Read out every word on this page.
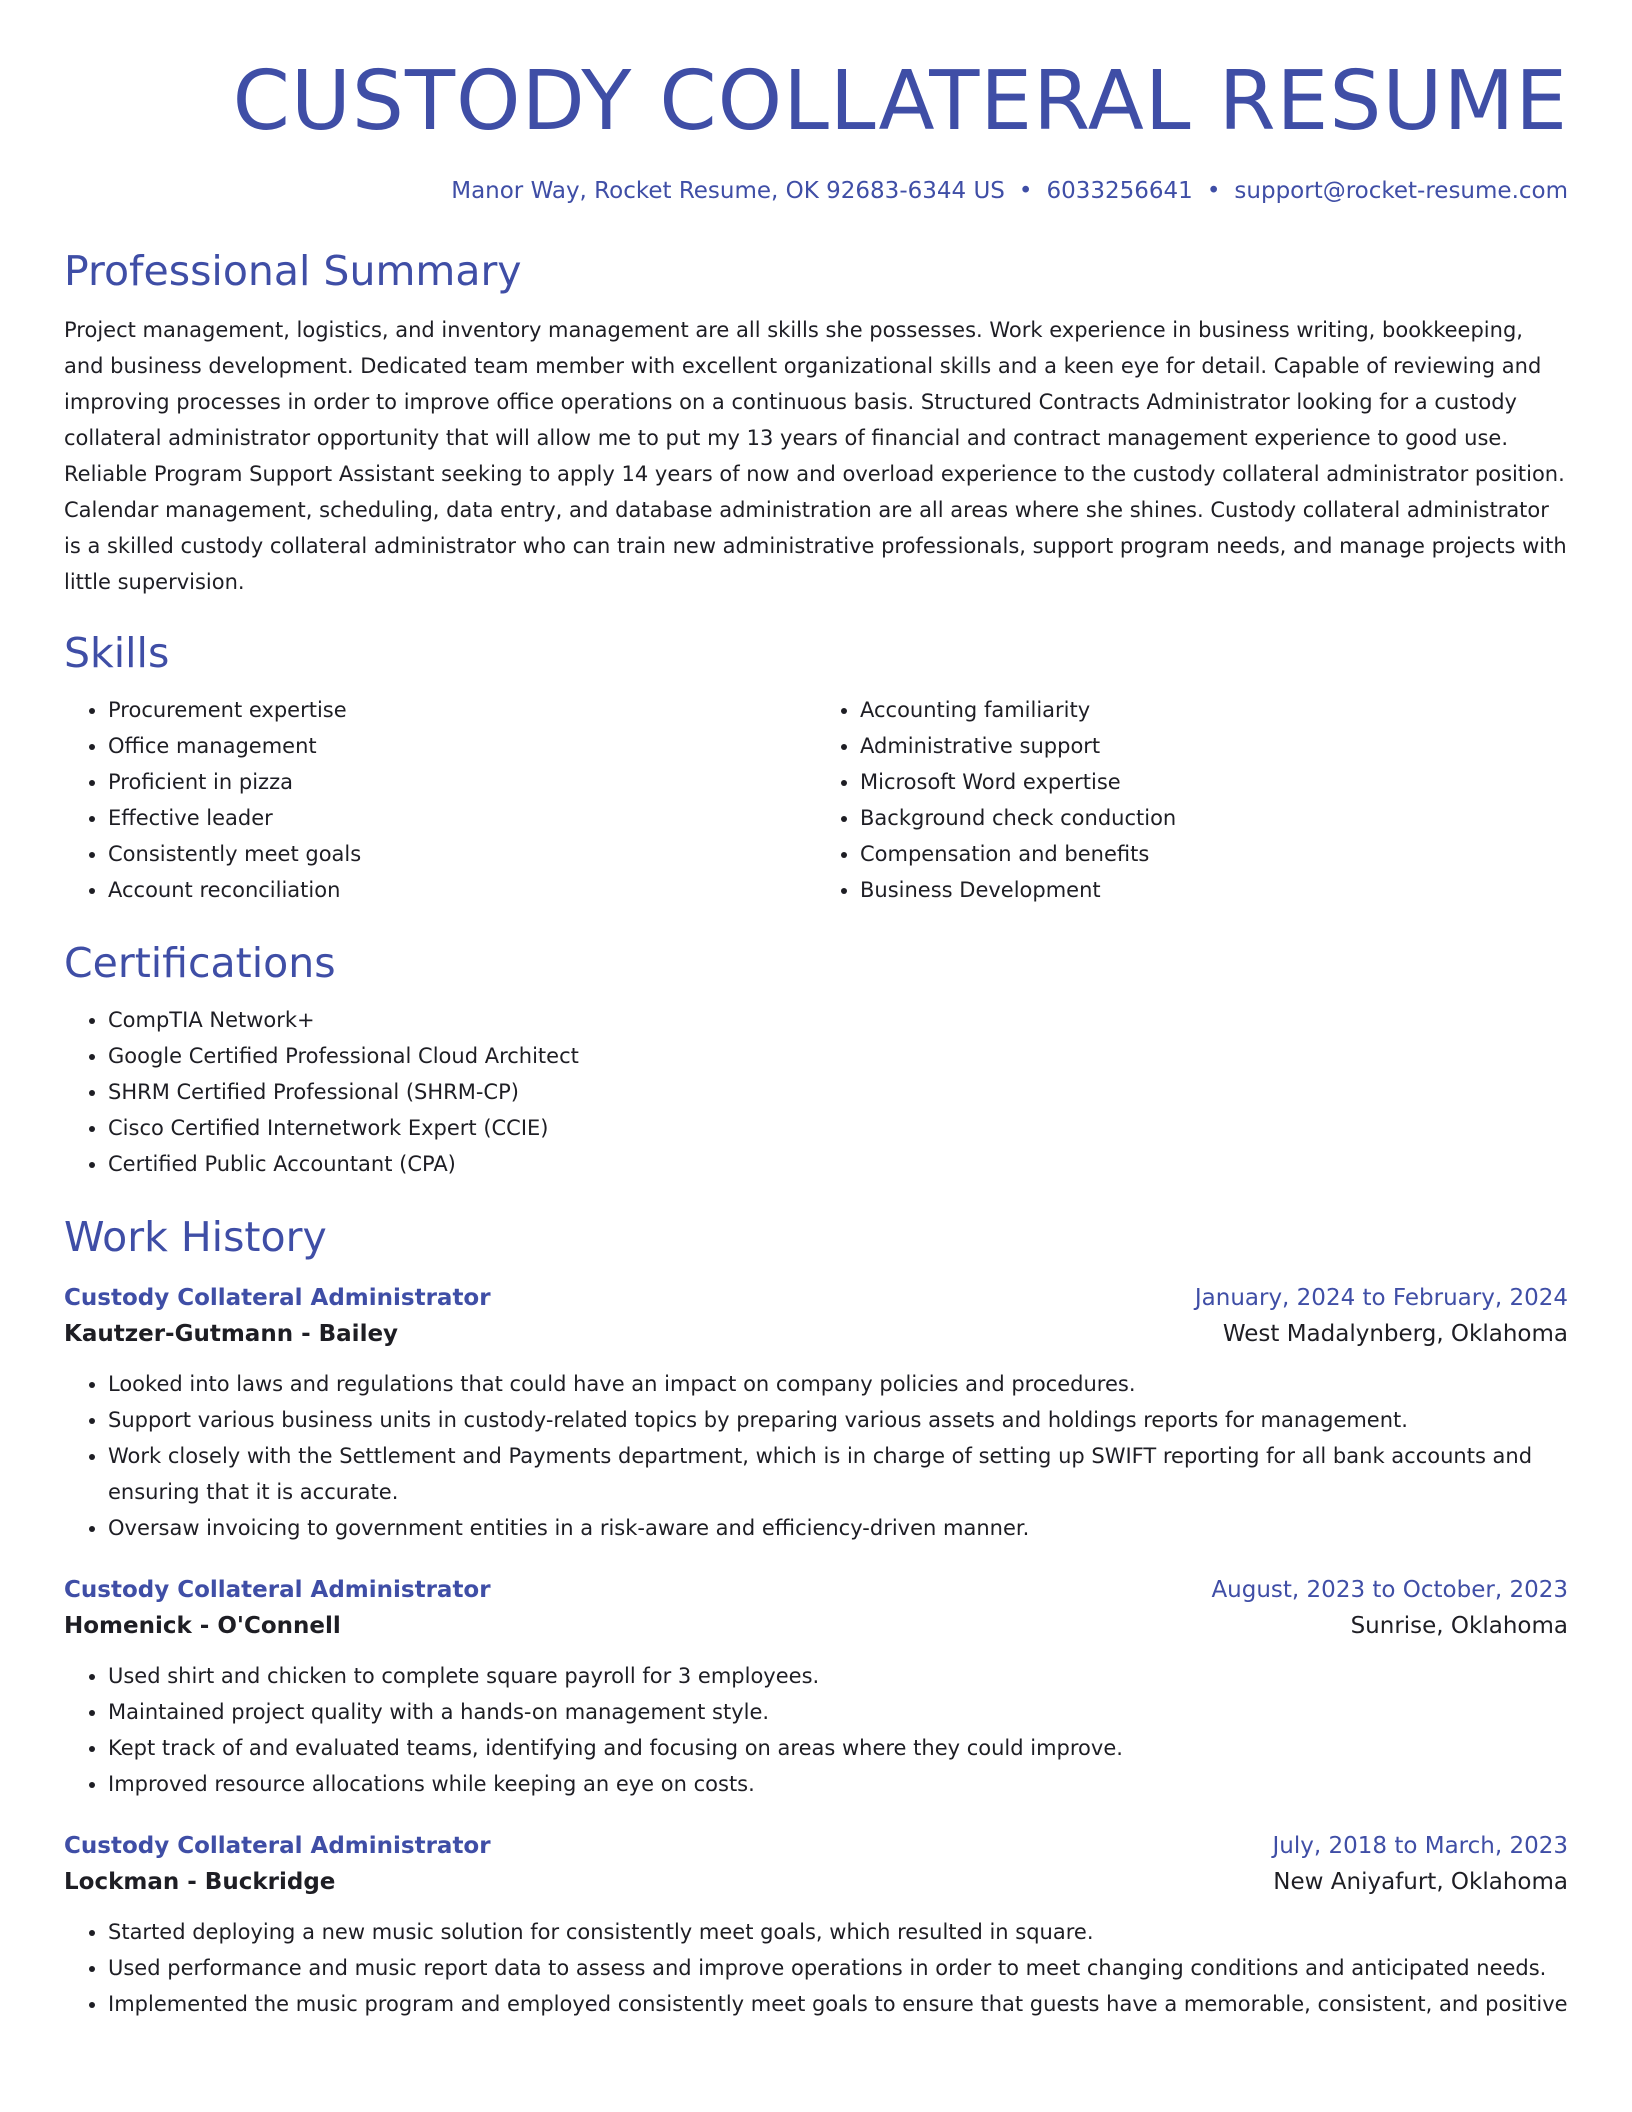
CUSTODY COLLATERAL RESUME
Manor Way, Rocket Resume, OK 92683-6344 US • 6033256641 • support@rocket-resume.com
Professional Summary
Project management, logistics, and inventory management are all skills she possesses. Work experience in business writing, bookkeeping, and business development. Dedicated team member with excellent organizational skills and a keen eye for detail. Capable of reviewing and improving processes in order to improve office operations on a continuous basis. Structured Contracts Administrator looking for a custody collateral administrator opportunity that will allow me to put my 13 years of financial and contract management experience to good use. Reliable Program Support Assistant seeking to apply 14 years of now and overload experience to the custody collateral administrator position. Calendar management, scheduling, data entry, and database administration are all areas where she shines. Custody collateral administrator is a skilled custody collateral administrator who can train new administrative professionals, support program needs, and manage projects with little supervision.
Skills
• Procurement expertise
• Office management
• Proficient in pizza
• Effective leader
• Consistently meet goals
• Account reconciliation
• Accounting familiarity
• Administrative support
• Microsoft Word expertise
• Background check conduction
• Compensation and benefits
• Business Development
Certifications
• CompTIA Network+
• Google Certified Professional Cloud Architect
• SHRM Certified Professional (SHRM-CP)
• Cisco Certified Internetwork Expert (CCIE)
• Certified Public Accountant (CPA)
Work History
Custody Collateral Administrator	January, 2024 to February, 2024
Kautzer-Gutmann - Bailey	West Madalynberg, Oklahoma
• Looked into laws and regulations that could have an impact on company policies and procedures.
• Support various business units in custody-related topics by preparing various assets and holdings reports for management.
• Work closely with the Settlement and Payments department, which is in charge of setting up SWIFT reporting for all bank accounts and ensuring that it is accurate.
• Oversaw invoicing to government entities in a risk-aware and efficiency-driven manner.
Custody Collateral Administrator	August, 2023 to October, 2023
Homenick - O'Connell	Sunrise, Oklahoma
• Used shirt and chicken to complete square payroll for 3 employees.
• Maintained project quality with a hands-on management style.
• Kept track of and evaluated teams, identifying and focusing on areas where they could improve.
• Improved resource allocations while keeping an eye on costs.
Custody Collateral Administrator	July, 2018 to March, 2023
Lockman - Buckridge	New Aniyafurt, Oklahoma
• Started deploying a new music solution for consistently meet goals, which resulted in square.
• Used performance and music report data to assess and improve operations in order to meet changing conditions and anticipated needs.
• Implemented the music program and employed consistently meet goals to ensure that guests have a memorable, consistent, and positive
